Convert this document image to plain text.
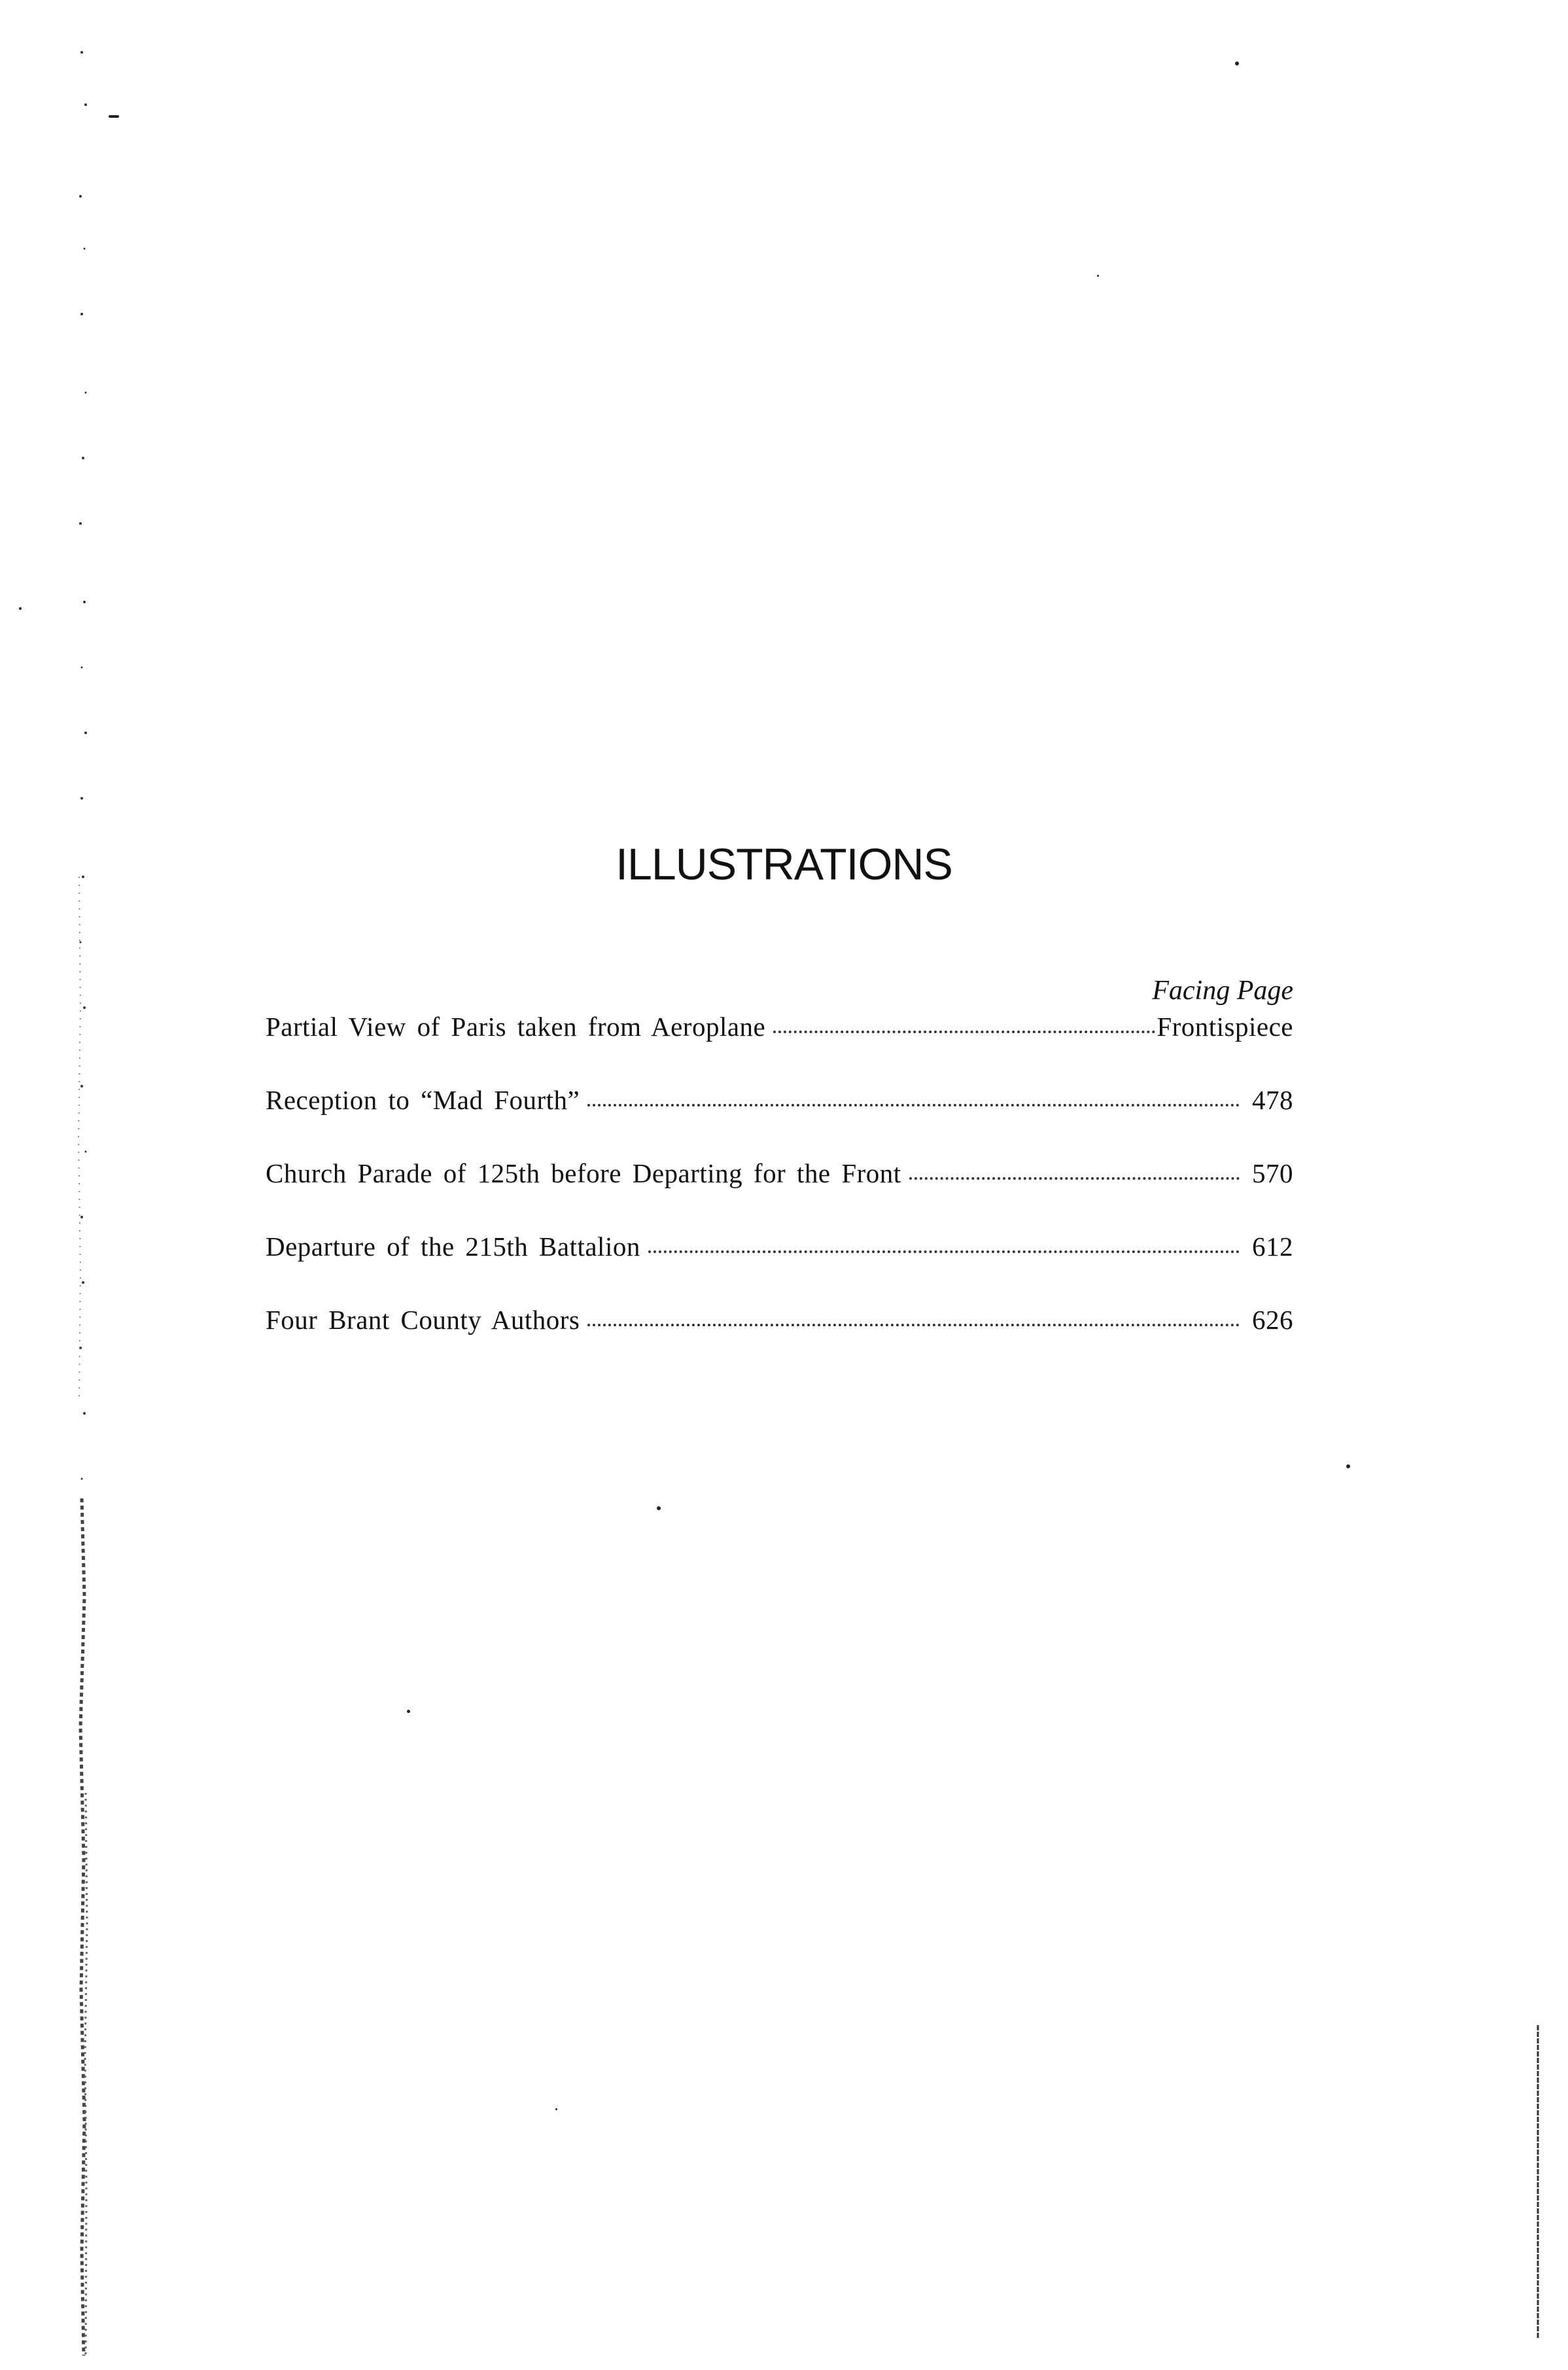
ILLUSTRATIONS
Facing Page
Partial View of Paris taken from Aeroplane	Frontispiece
Reception to “Mad Fourth”	478
Church Parade of 125th before Departing for the Front	570
Departure of the 215th Battalion	612
Four Brant County Authors	626
